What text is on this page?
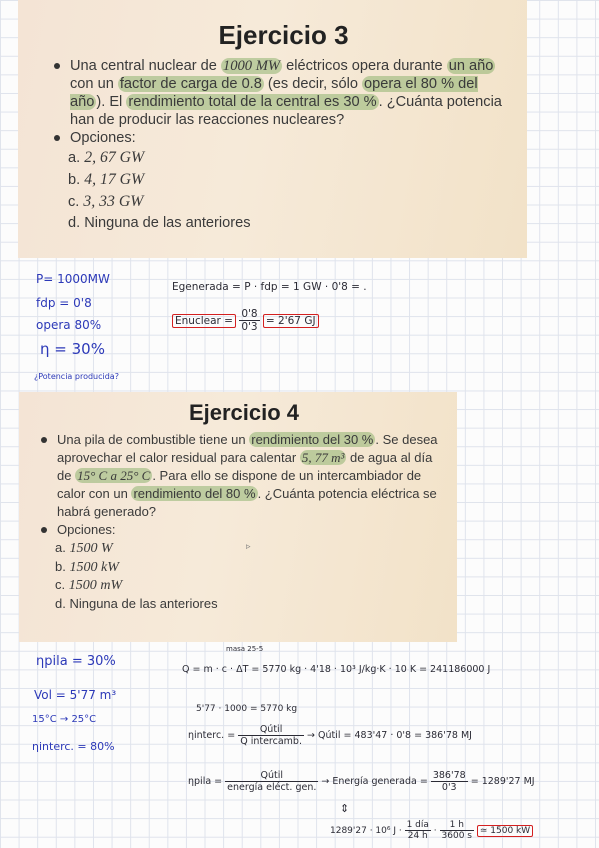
Ejercicio 3
Una central nuclear de 1000 MW eléctricos opera durante un año con un factor de carga de 0.8 (es decir, sólo opera el 80 % del año ). El rendimiento total de la central es 30 % . ¿Cuánta potencia han de producir las reacciones nucleares?
Opciones:
a. 2, 67 GW
b. 4, 17 GW
c. 3, 33 GW
d. Ninguna de las anteriores
P= 1000MW
fdp = 0'8
opera 80%
η = 30%
¿Potencia producida?
Egenerada = P · fdp = 1 GW · 0'8 = .
Enuclear = $\frac{0'8}{0'3} = 2'67$ GJ
Ejercicio 4
Una pila de combustible tiene un rendimiento del 30 % . Se desea aprovechar el calor residual para calentar 5, 77 m³ de agua al día de 15° C a 25° C . Para ello se dispone de un intercambiador de calor con un rendimiento del 80 % . ¿Cuánta potencia eléctrica se habrá generado?
Opciones:
a. 1500 W
b. 1500 kW
c. 1500 mW
d. Ninguna de las anteriores
▹
ηpila = 30%
Vol = 5'77 m³
15°C → 25°C
ηinterc. = 80%
masa 25-5
Q = m · c · ΔT = 5770 kg · 4'18 · 10³ J/kg·K · 10 K = 241186000 J
5'77 · 1000 = 5770 kg
ηinterc. = $\frac{\text{Qútil}}{\text{Q intercamb.}}$ → Qútil = 483'47 · 0'8 = 386'78 MJ
ηpila = $\frac{\text{Qútil}}{\text{energía eléct. gen.}}$ → Energía generada = $\frac{386'78}{0'3} = 1289'27$ MJ
⇕
1289'27 · 10⁶ $J \cdot \frac{\text{1 día}}{24 h} \cdot \frac{1 h}{3600 s}$ ≃ 1500 kW
